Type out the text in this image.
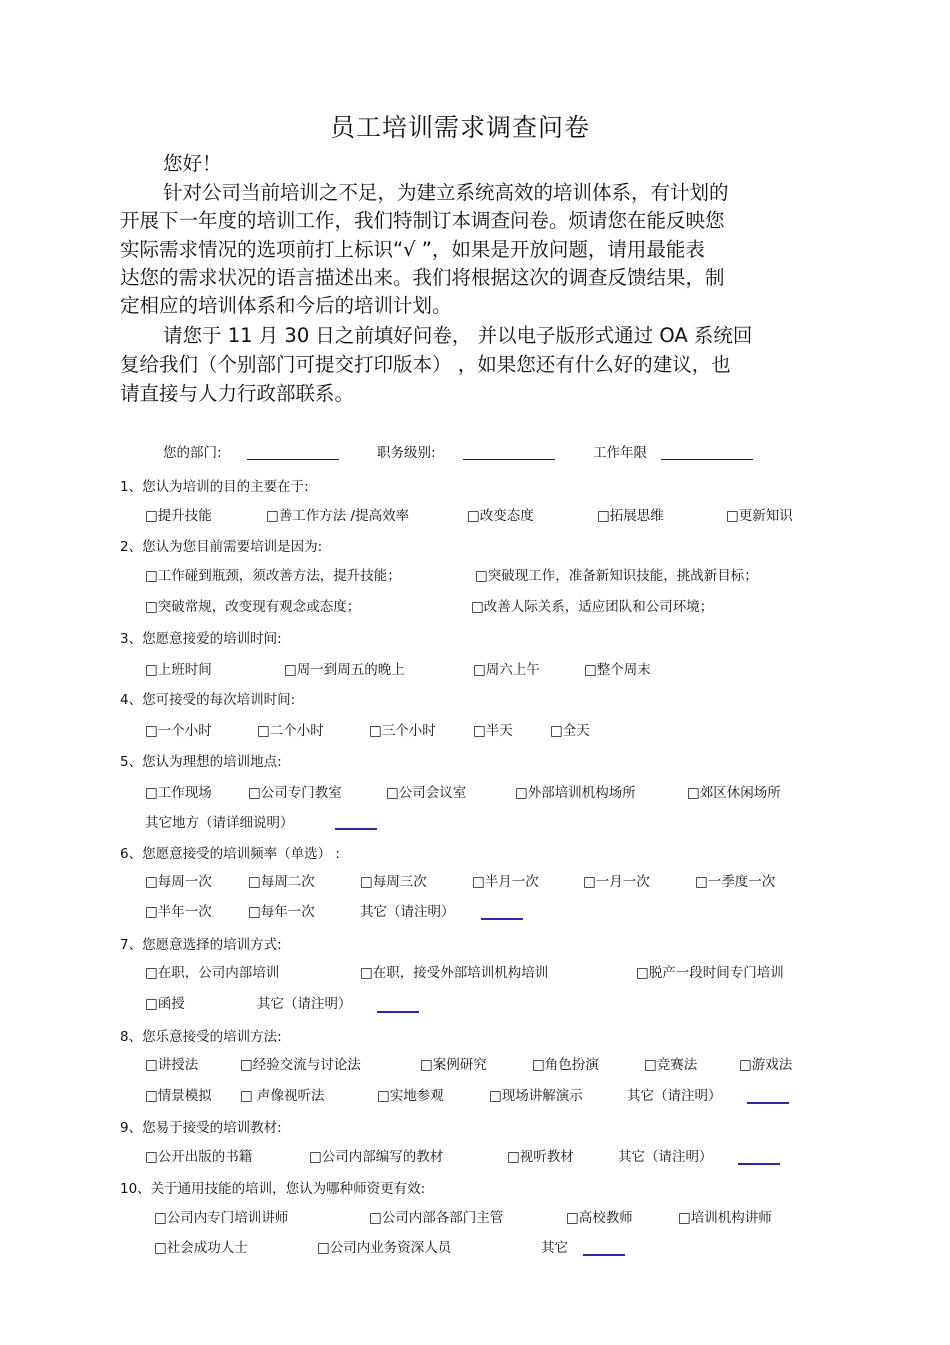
员工培训需求调查问卷
您好！
针对公司当前培训之不足，为建立系统高效的培训体系，有计划的
开展下一年度的培训工作，我们特制订本调查问卷。烦请您在能反映您
实际需求情况的选项前打上标识“√ ”，如果是开放问题，请用最能表
达您的需求状况的语言描述出来。我们将根据这次的调查反馈结果，制
定相应的培训体系和今后的培训计划。
请您于 11 月 30 日之前填好问卷， 并以电子版形式通过 OA 系统回
复给我们（个别部门可提交打印版本） ，如果您还有什么好的建议，也
请直接与人力行政部联系。
您的部门:	职务级别:	工作年限
1、您认为培训的目的主要在于:
□提升技能	□善工作方法 /提高效率	□改变态度	□拓展思维	□更新知识
2、您认为您目前需要培训是因为:
□工作碰到瓶颈，须改善方法，提升技能；	□突破现工作，准备新知识技能，挑战新目标；
□突破常规，改变现有观念或态度；	□改善人际关系，适应团队和公司环境；
3、您愿意接爱的培训时间:
□上班时间	□周一到周五的晚上	□周六上午	□整个周末
4、您可接受的每次培训时间:
□一个小时	□二个小时	□三个小时	□半天	□全天
5、您认为理想的培训地点:
□工作现场	□公司专门教室	□公司会议室	□外部培训机构场所	□郊区休闲场所
其它地方（请详细说明）
6、您愿意接受的培训频率（单选） :
□每周一次	□每周二次	□每周三次	□半月一次	□一月一次	□一季度一次
□半年一次	□每年一次	其它（请注明）
7、您愿意选择的培训方式:
□在职，公司内部培训	□在职，接受外部培训机构培训	□脱产一段时间专门培训
□函授	其它（请注明）
8、您乐意接受的培训方法:
□讲授法	□经验交流与讨论法	□案例研究	□角色扮演	□竞赛法	□游戏法
□情景模拟 □ 声像视听法	□实地参观	□现场讲解演示	其它（请注明）
9、您易于接受的培训教材:
□公开出版的书籍	□公司内部编写的教材	□视听教材	其它（请注明）
10、关于通用技能的培训，您认为哪种师资更有效:
□公司内专门培训讲师	□公司内部各部门主管	□高校教师	□培训机构讲师
□社会成功人士	□公司内业务资深人员	其它
